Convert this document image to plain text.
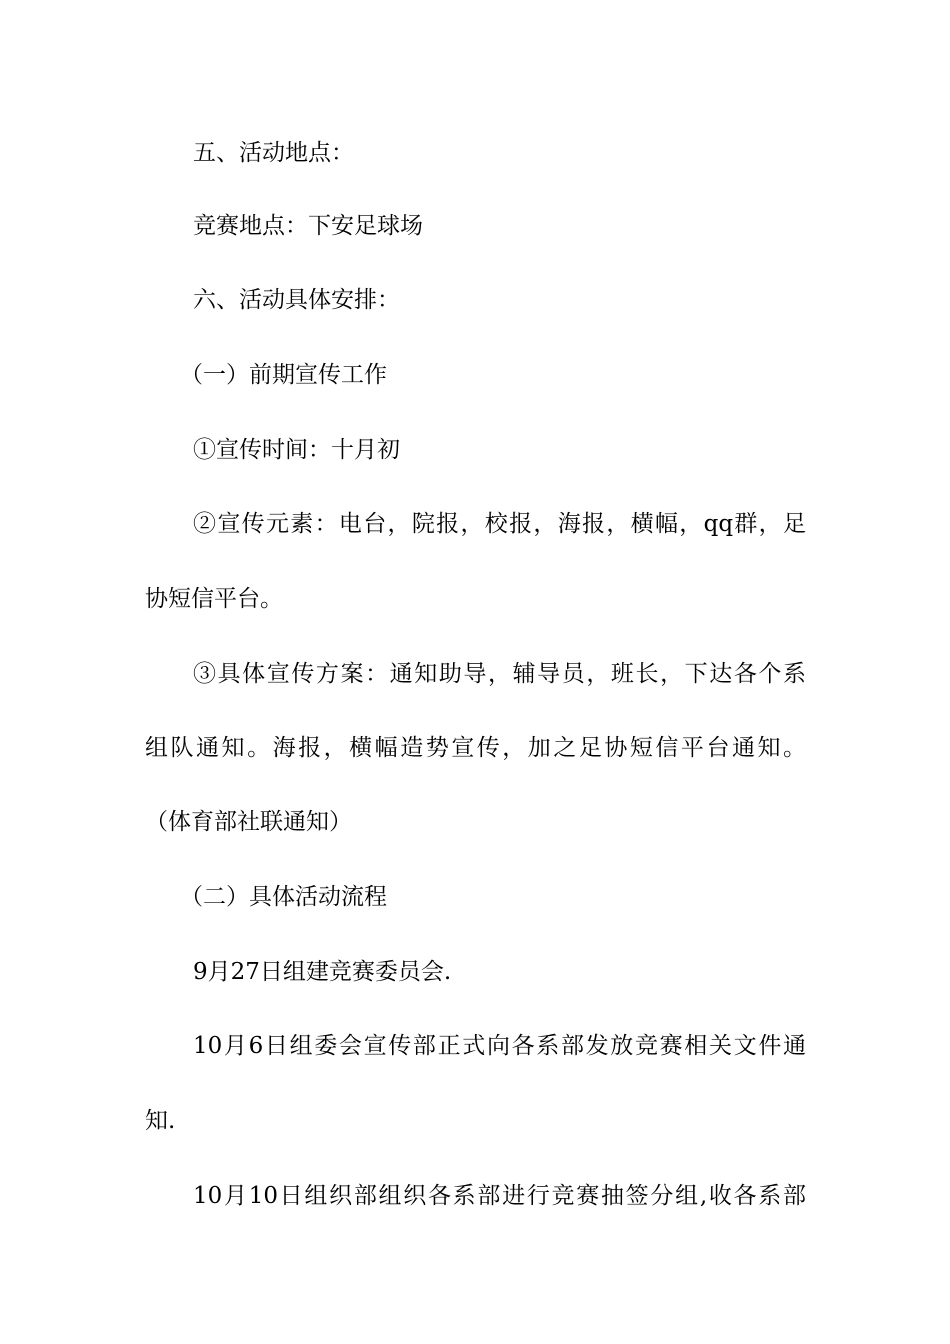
五、活动地点：
竞赛地点：下安足球场
六、活动具体安排：
（一）前期宣传工作
①宣传时间：十月初
②宣传元素：电台，院报，校报，海报，横幅，qq群，足
协短信平台。
③具体宣传方案：通知助导，辅导员，班长，下达各个系
组队通知。海报，横幅造势宣传，加之足协短信平台通知。
（体育部社联通知）
（二）具体活动流程
9月27日组建竞赛委员会.
10月6日组委会宣传部正式向各系部发放竞赛相关文件通
知.
10月10日组织部组织各系部进行竞赛抽签分组,收各系部
